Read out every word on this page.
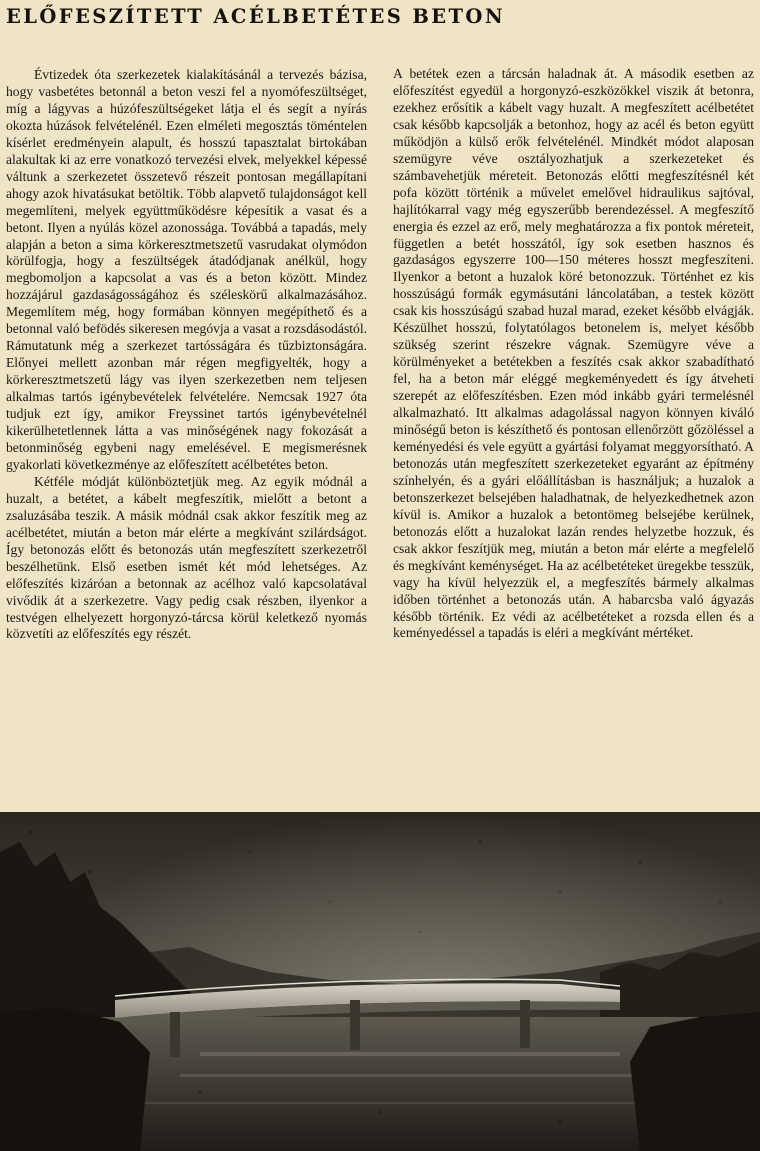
ELŐFESZÍTETT ACÉLBETÉTES BETON

Évtizedek óta szerkezetek kialakításánál a tervezés bázisa, hogy vasbetétes betonnál a beton veszi fel a nyomófeszültséget, míg a lágyvas a húzófeszültségeket látja el és segít a nyírás okozta húzások felvételénél. Ezen elméleti megosztás töméntelen kísérlet eredményein alapult, és hosszú tapasztalat birtokában alakultak ki az erre vonatkozó tervezési elvek, melyekkel képessé váltunk a szerkezetet összetevő részeit pontosan megállapítani ahogy azok hivatásukat betöltik. Több alapvető tulajdonságot kell megemlíteni, melyek együttműködésre képesítik a vasat és a betont. Ilyen a nyúlás közel azonossága. Továbbá a tapadás, mely alapján a beton a sima körkeresztmetszetű vasrudakat olymódon körülfogja, hogy a feszültségek átadódjanak anélkül, hogy megbomoljon a kapcsolat a vas és a beton között. Mindez hozzájárul gazdaságosságához és széleskörű alkalmazásához. Megemlítem még, hogy formában könnyen megépíthető és a betonnal való befödés sikeresen megóvja a vasat a rozsdásodástól. Rámutatunk még a szerkezet tartósságára és tűzbiztonságára. Előnyei mellett azonban már régen megfigyelték, hogy a körkeresztmetszetű lágy vas ilyen szerkezetben nem teljesen alkalmas tartós igénybevételek felvételére. Nemcsak 1927 óta tudjuk ezt így, amikor Freyssinet tartós igénybevételnél kikerülhetetlennek látta a vas minőségének nagy fokozását a betonminőség egybeni nagy emelésével. E megismerésnek gyakorlati következménye az előfeszített acélbetétes beton.

Kétféle módját különböztetjük meg. Az egyik módnál a huzalt, a betétet, a kábelt megfeszítik, mielőtt a betont a zsaluzásába teszik. A másik módnál csak akkor feszítik meg az acélbetétet, miután a beton már elérte a megkívánt szilárdságot. Így betonozás előtt és betonozás után megfeszített szerkezetről beszélhetünk. Első esetben ismét két mód lehetséges. Az előfeszítés kizáróan a betonnak az acélhoz való kapcsolatával vivődik át a szerkezetre. Vagy pedig csak részben, ilyenkor a testvégen elhelyezett horgonyzó-tárcsa körül keletkező nyomás közvetíti az előfeszítés egy részét.

A betétek ezen a tárcsán haladnak át. A második esetben az előfeszítést egyedül a horgonyzó-eszközökkel viszik át betonra, ezekhez erősítik a kábelt vagy huzalt. A megfeszített acélbetétet csak később kapcsolják a betonhoz, hogy az acél és beton együtt működjön a külső erők felvételénél. Mindkét módot alaposan szemügyre véve osztályozhatjuk a szerkezeteket és számbavehetjük méreteit. Betonozás előtti megfeszítésnél két pofa között történik a művelet emelővel hidraulikus sajtóval, hajlítókarral vagy még egyszerűbb berendezéssel. A megfeszítő energia és ezzel az erő, mely meghatározza a fix pontok méreteit, független a betét hosszától, így sok esetben hasznos és gazdaságos egyszerre 100—150 méteres hosszt megfeszíteni. Ilyenkor a betont a huzalok köré betonozzuk. Történhet ez kis hosszúságú formák egymásutáni láncolatában, a testek között csak kis hosszúságú szabad huzal marad, ezeket később elvágják. Készülhet hosszú, folytatólagos betonelem is, melyet később szükség szerint részekre vágnak. Szemügyre véve a körülményeket a betétekben a feszítés csak akkor szabadítható fel, ha a beton már eléggé megkeményedett és így átveheti szerepét az előfeszítésben. Ezen mód inkább gyári termelésnél alkalmazható. Itt alkalmas adagolással nagyon könnyen kiváló minőségű beton is készíthető és pontosan ellenőrzött gőzöléssel a keményedési és vele együtt a gyártási folyamat meggyorsítható. A betonozás után megfeszített szerkezeteket egyaránt az építmény színhelyén, és a gyári előállításban is használjuk; a huzalok a betonszerkezet belsejében haladhatnak, de helyezkedhetnek azon kívül is. Amikor a huzalok a betontömeg belsejébe kerülnek, betonozás előtt a huzalokat lazán rendes helyzetbe hozzuk, és csak akkor feszítjük meg, miután a beton már elérte a megfelelő és megkívánt keménységet. Ha az acélbetéteket üregekbe tesszük, vagy ha kívül helyezzük el, a megfeszítés bármely alkalmas időben történhet a betonozás után. A habarcsba való ágyazás később történik. Ez védi az acélbetéteket a rozsda ellen és a keményedéssel a tapadás is eléri a megkívánt mértéket.
